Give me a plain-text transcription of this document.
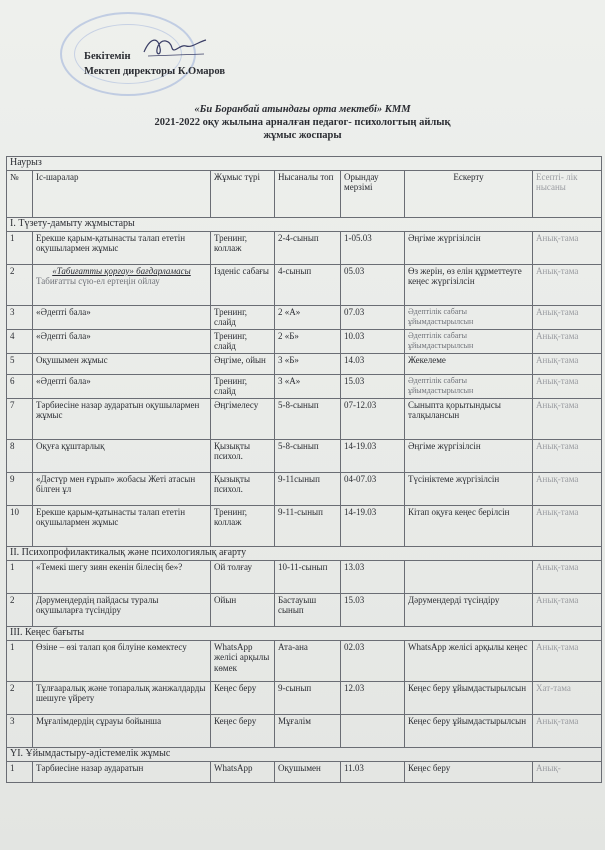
Бекітемін
Мектеп директоры К.Омаров
«Би Боранбай атындағы орта мектебі» КММ
2021-2022 оқу жылына арналған педагог- психологтың айлық
жұмыс жоспары
Наурыз						
№	Іс-шаралар	Жұмыс түрі	Нысаналы топ	Орындау мерзімі	Ескерту	Есепті- лік нысаны
I. Түзету-дамыту жұмыстары						
1	Ерекше қарым-қатынасты талап ететін оқушылармен жұмыс	Тренинг, коллаж	2-4-сынып	1-05.03	Әңгіме жүргізілсін	Анық-тама
2	«Табиғатты қорғау» бағдарламасы
Табиғатты сүю-ел ертеңін ойлау	Ізденіс сабағы	4-сынып	05.03	Өз жерін, өз елін құрметтеуге кеңес жүргізілсін	Анық-тама
3	«Әдепті бала»	Тренинг, слайд	2 «А»	07.03	Әдептілік сабағы ұйымдастырылсын	Анық-тама
4	«Әдепті бала»	Тренинг, слайд	2 «Б»	10.03	Әдептілік сабағы ұйымдастырылсын	Анық-тама
5	Оқушымен жұмыс	Әңгіме, ойын	3 «Б»	14.03	Жекелеме	Анық-тама
6	«Әдепті бала»	Тренинг, слайд	3 «А»	15.03	Әдептілік сабағы ұйымдастырылсын	Анық-тама
7	Тәрбиесіне назар аударатын оқушылармен жұмыс	Әңгімелесу	5-8-сынып	07-12.03	Сыныпта қорытындысы талқылансын	Анық-тама
8	Оқуға құштарлық	Қызықты психол.	5-8-сынып	14-19.03	Әңгіме жүргізілсін	Анық-тама
9	«Дәстүр мен ғұрып» жобасы Жеті атасын білген ұл	Қызықты психол.	9-11сынып	04-07.03	Түсініктеме жүргізілсін	Анық-тама
10	Ерекше қарым-қатынасты талап ететін оқушылармен жұмыс	Тренинг, коллаж	9-11-сынып	14-19.03	Кітап оқуға кеңес берілсін	Анық-тама
II. Психопрофилактикалық және психологиялық ағарту						
1	«Темекі шегу зиян екенін білесің бе»?	Ой толғау	10-11-сынып	13.03		Анық-тама
2	Дәрумендердің пайдасы туралы оқушыларға түсіндіру	Ойын	Бастауыш сынып	15.03	Дәрумендерді түсіндіру	Анық-тама
III. Кеңес бағыты						
1	Өзіне – өзі талап қоя білуіне көмектесу	WhatsApp желісі арқылы көмек	Ата-ана	02.03	WhatsApp желісі арқылы кеңес	Анық-тама
2	Тұлғааралық және топаралық жанжалдарды шешуге үйрету	Кеңес беру	9-сынып	12.03	Кеңес беру ұйымдастырылсын	Хат-тама
3	Мұғалімдердің сұрауы бойынша	Кеңес беру	Мұғалім		Кеңес беру ұйымдастырылсын	Анық-тама
YI. Ұйымдастыру-әдістемелік жұмыс						
1	Тәрбиесіне назар аударатын	WhatsApp	Оқушымен	11.03	Кеңес беру	Анық-
